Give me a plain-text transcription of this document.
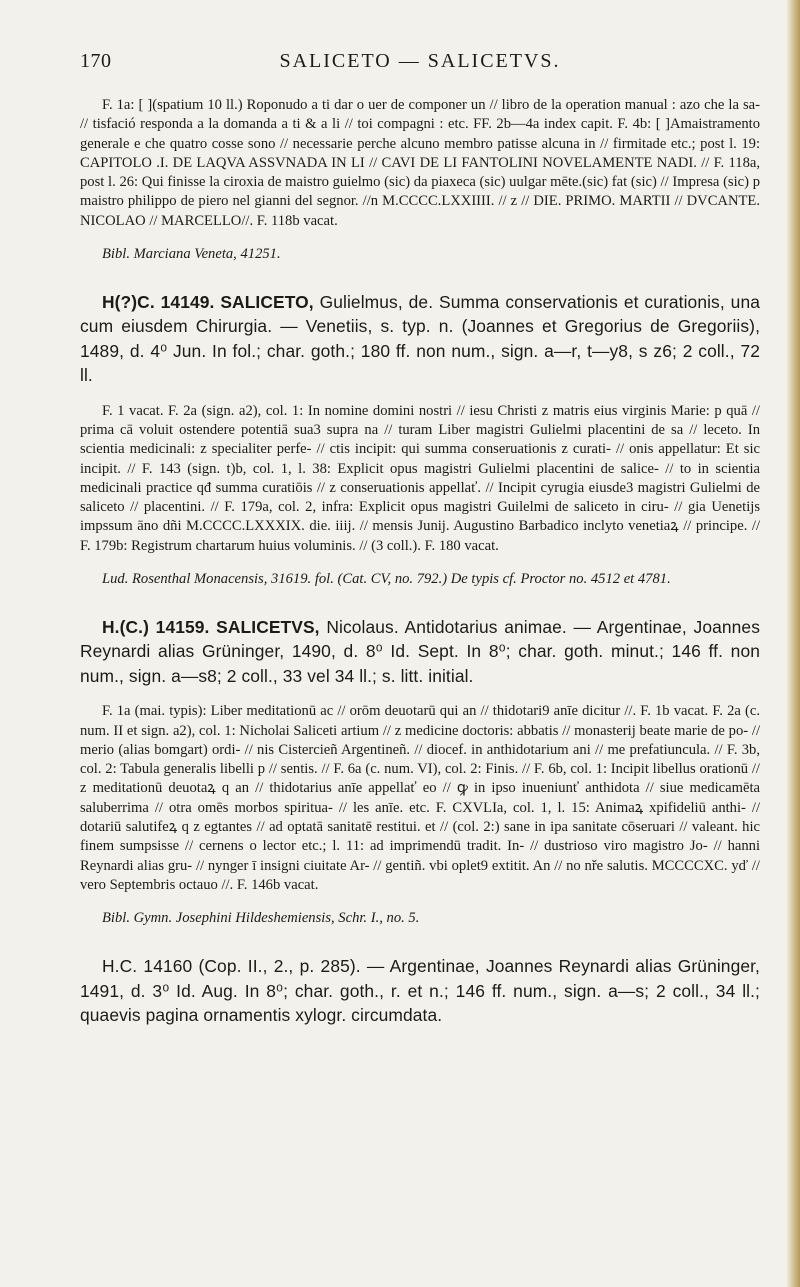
170	SALICETO — SALICETVS.

F. 1a: [ ](spatium 10 ll.) Roponudo a ti dar o uer de componer un // libro de la operation manual : azo che la sa- // tisfació responda a la domanda a ti & a li // toi compagni : etc. FF. 2b—4a index capit. F. 4b: [ ]Amaistramento generale e che quatro cosse sono // necessarie perche alcuno membro patisse alcuna in // firmitade etc.; post l. 19: CAPITOLO .I. DE LAQVA ASSVNADA IN LI // CAVI DE LI FANTOLINI NOVELAMENTE NADI. // F. 118a, post l. 26: Qui finisse la ciroxia de maistro guielmo (sic) da piaxeca (sic) uulgar mēte.(sic) fat (sic) // Impresa (sic) p maistro philippo de piero nel gianni del segnor. //n M.CCCC.LXXIIII. // z // DIE. PRIMO. MARTII // DVCANTE. NICOLAO // MARCELLO//. F. 118b vacat.

Bibl. Marciana Veneta, 41251.

H(?)C. 14149. SALICETO, Gulielmus, de. Summa conservationis et curationis, una cum eiusdem Chirurgia. — Venetiis, s. typ. n. (Joannes et Gregorius de Gregoriis), 1489, d. 4⁰ Jun. In fol.; char. goth.; 180 ff. non num., sign. a—r, t—y8, s z6; 2 coll., 72 ll.

F. 1 vacat. F. 2a (sign. a2), col. 1: In nomine domini nostri // iesu Christi z matris eius virginis Marie: p quā // prima cā voluit ostendere potentiā sua3 supra na // turam Liber magistri Gulielmi placentini de sa // leceto. In scientia medicinali: z specialiter perfe- // ctis incipit: qui summa conseruationis z curati- // onis appellatur: Et sic incipit. // F. 143 (sign. t)b, col. 1, l. 38: Explicit opus magistri Gulielmi placentini de salice- // to in scientia medicinali practice qđ summa curatiōis // z conseruationis appellať. // Incipit cyrugia eiusde3 magistri Gulielmi de saliceto // placentini. // F. 179a, col. 2, infra: Explicit opus magistri Guilelmi de saliceto in ciru- // gia Uenetijs impssum āno dñi M.CCCC.LXXXIX. die. iiij. // mensis Junij. Augustino Barbadico inclyto venetiaꝝ // principe. // F. 179b: Registrum chartarum huius voluminis. // (3 coll.). F. 180 vacat.

Lud. Rosenthal Monacensis, 31619. fol. (Cat. CV, no. 792.) De typis cf. Proctor no. 4512 et 4781.

H.(C.) 14159. SALICETVS, Nicolaus. Antidotarius animae. — Argentinae, Joannes Reynardi alias Grüninger, 1490, d. 8⁰ Id. Sept. In 8⁰; char. goth. minut.; 146 ff. non num., sign. a—s8; 2 coll., 33 vel 34 ll.; s. litt. initial.

F. 1a (mai. typis): Liber meditationū ac // orōm deuotarū qui an // thidotari9 anīe dicitur //. F. 1b vacat. F. 2a (c. num. II et sign. a2), col. 1: Nicholai Saliceti artium // z medicine doctoris: abbatis // monasterij beate marie de po- // merio (alias bomgart) ordi- // nis Cistercieñ Argentineñ. // diocef. in anthidotarium ani // me prefatiuncula. // F. 3b, col. 2: Tabula generalis libelli p // sentis. // F. 6a (c. num. VI), col. 2: Finis. // F. 6b, col. 1: Incipit libellus orationū // z meditationū deuotaꝝ q an // thidotarius anīe appellať eo // ꝙ in ipso inueniunť anthidota // siue medicamēta saluberrima // otra omēs morbos spiritua- // les anīe. etc. F. CXVLIa, col. 1, l. 15: Animaꝝ xpifideliū anthi- // dotariū salutifeꝝ q z egtantes // ad optatā sanitatē restitui. et // (col. 2:) sane in ipa sanitate cōseruari // valeant. hic finem sumpsisse // cernens o lector etc.; l. 11: ad imprimendū tradit. In- // dustrioso viro magistro Jo- // hanni Reynardi alias gru- // nynger ī insigni ciuitate Ar- // gentiñ. vbi oplet9 extitit. An // no nře salutis. MCCCCXC. yď // vero Septembris octauo //. F. 146b vacat.

Bibl. Gymn. Josephini Hildeshemiensis, Schr. I., no. 5.

H.C. 14160 (Cop. II., 2., p. 285). — Argentinae, Joannes Reynardi alias Grüninger, 1491, d. 3⁰ Id. Aug. In 8⁰; char. goth., r. et n.; 146 ff. num., sign. a—s; 2 coll., 34 ll.; quaevis pagina ornamentis xylogr. circumdata.
